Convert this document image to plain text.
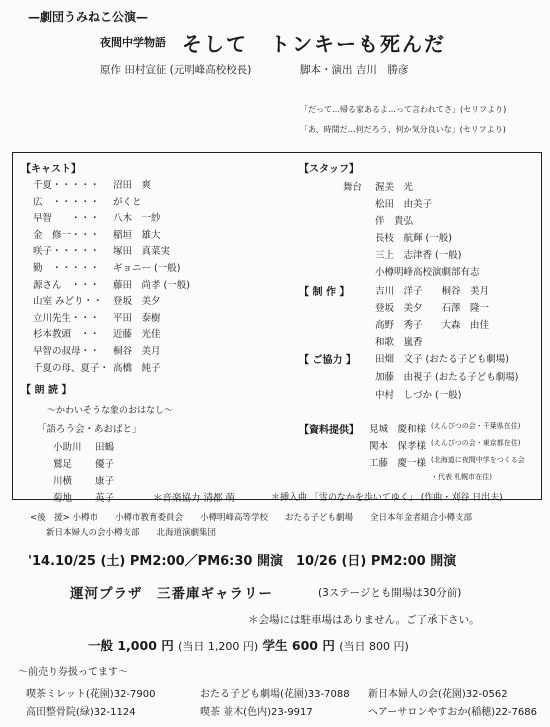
—劇団うみねこ公演—
夜間中学物語 そして　トンキーも死んだ
原作 田村宣征 (元明峰高校校長)	脚本・演出 吉川　勝彦
「だって…帰る家あるよ…って言われてさ」(セリフより)
「あ、時間だ…何だろう、何か気分良いな」(セリフより)
【キャスト】
千夏・・・・・ 沼田　爽
広　・・・・・ がくと
早智　　・・・ 八木　一紗
金　修一・・・ 稲垣　雄大
咲子・・・・・ 塚田　真菜実
勤　・・・・・ ギョニー (一般)
源さん　・・・ 藤田　尚孝 (一般)
山室 みどり・・ 登坂　美夕
立川先生・・・ 平田　泰樹
杉本教頭　・・ 近藤　光佳
早智の叔母・・ 桐谷　美月
千夏の母、夏子・ 高橋　純子
【 朗 読 】
〜かわいそうな象のおはなし〜
「語ろう会・あおばと」
小助川 田鶴
鷲足 優子
川横 康子
菊地 英子	＊音楽協力 清都 萌	＊挿入曲 「雪のなかを歩いてゆく」 (作曲・刈谷 日出夫)
【スタッフ】
舞台 渥美　光
松田　由美子
伴　貴弘
長枝　航輝 (一般)
三上　志津香 (一般)
小樽明峰高校演劇部有志
【 制 作 】	吉川　洋子　　桐谷　美月
登坂　美夕　　石澤　隆一
高野　秀子　　大森　由佳
和歌　嵐香
【 ご協力 】 田畑　文子 (おたる子ども劇場)
加藤　由視子 (おたる子ども劇場)
中村　しづか (一般)
【資料提供】 見城　慶和様 (えんぴつの会・千葉県在住)
関本　保孝様 (えんぴつの会・東京都在住)
工藤　慶一様 (北海道に夜間中学をつくる会
・代表 札幌市在住)
<後　援> 小樽市　　小樽市教育委員会　　小樽明峰高等学校　　おたる子ども劇場　　全日本年金者組合小樽支部
新日本婦人の会小樽支部　　北海道演劇集団
'14.10/25 (土) PM2:00／PM6:30 開演　10/26 (日) PM2:00 開演
運河プラザ　三番庫ギャラリー	(3ステージとも開場は30分前)
＊会場には駐車場はありません。ご了承下さい。
一般 1,000 円 (当日 1,200 円) 学生 600 円 (当日 800 円)
〜前売り券扱ってます〜
喫茶ミレット(花園)32-7900	おたる子ども劇場(花園)33-7088 新日本婦人の会(花園)32-0562
高田整骨院(緑)32-1124	喫茶 並木(色内)23-9917	ヘアーサロンやすおか(稲穂)22-7686
